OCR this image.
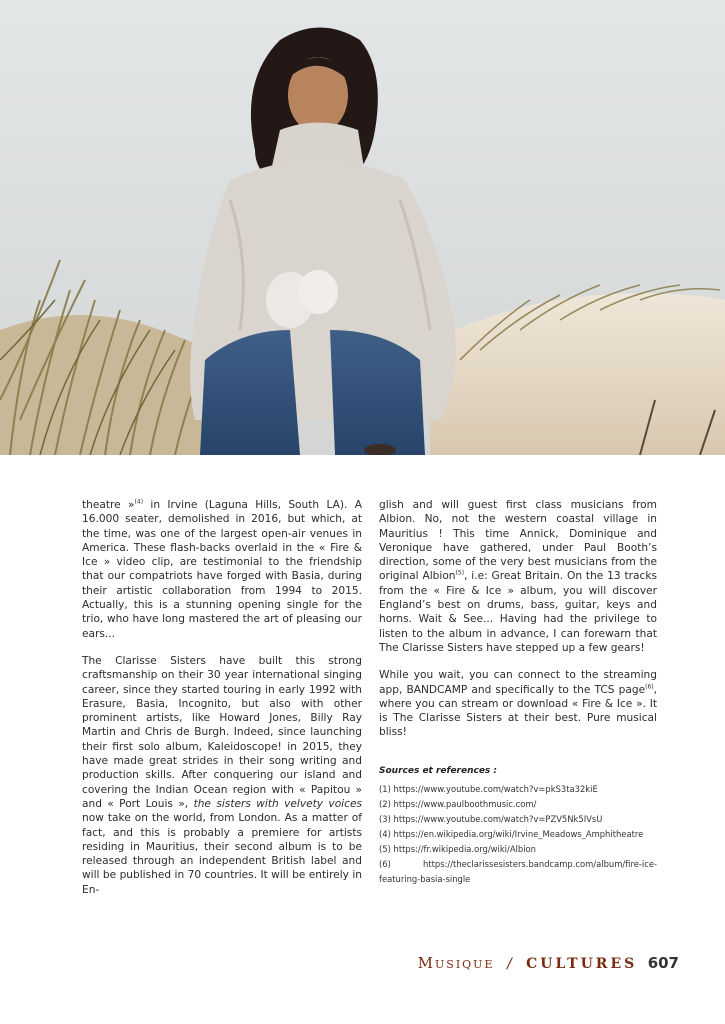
theatre »$^{(4)}$ in Irvine (Laguna Hills, South LA). A 16.000 seater, demolished in 2016, but which, at the time, was one of the largest open-air venues in America. These flash-backs overlaid in the « Fire & Ice » video clip, are testimonial to the friendship that our compatriots have forged with Basia, during their artistic collaboration from 1994 to 2015. Actually, this is a stunning opening single for the trio, who have long mastered the art of pleasing our ears...

The Clarisse Sisters have built this strong craftsmanship on their 30 year international singing career, since they started touring in early 1992 with Erasure, Basia, Incognito, but also with other prominent artists, like Howard Jones, Billy Ray Martin and Chris de Burgh. Indeed, since launching their first solo album, Kaleidoscope! in 2015, they have made great strides in their song writing and production skills. After conquering our island and covering the Indian Ocean region with « Papitou » and « Port Louis », the sisters with velvety voices now take on the world, from London. As a matter of fact, and this is probably a premiere for artists residing in Mauritius, their second album is to be released through an independent British label and will be published in 70 countries. It will be entirely in En-

glish and will guest first class musicians from Albion. No, not the western coastal village in Mauritius ! This time Annick, Dominique and Veronique have gathered, under Paul Booth’s direction, some of the very best musicians from the original Albion$^{(5)}$, i.e: Great Britain. On the 13 tracks from the « Fire & Ice » album, you will discover England’s best on drums, bass, guitar, keys and horns. Wait & See... Having had the privilege to listen to the album in advance, I can forewarn that The Clarisse Sisters have stepped up a few gears!

While you wait, you can connect to the streaming app, BANDCAMP and specifically to the TCS page$^{(6)}$, where you can stream or download « Fire & Ice ». It is The Clarisse Sisters at their best. Pure musical bliss!

Sources et references :
(1) https://www.youtube.com/watch?v=pkS3ta32kiE
(2) https://www.paulboothmusic.com/
(3) https://www.youtube.com/watch?v=PZV5Nk5IVsU
(4) https://en.wikipedia.org/wiki/Irvine_Meadows_Amphitheatre
(5) https://fr.wikipedia.org/wiki/Albion
(6) https://theclarissesisters.bandcamp.com/album/fire-ice-featuring-basia-single
Musique / CULTURES 607
